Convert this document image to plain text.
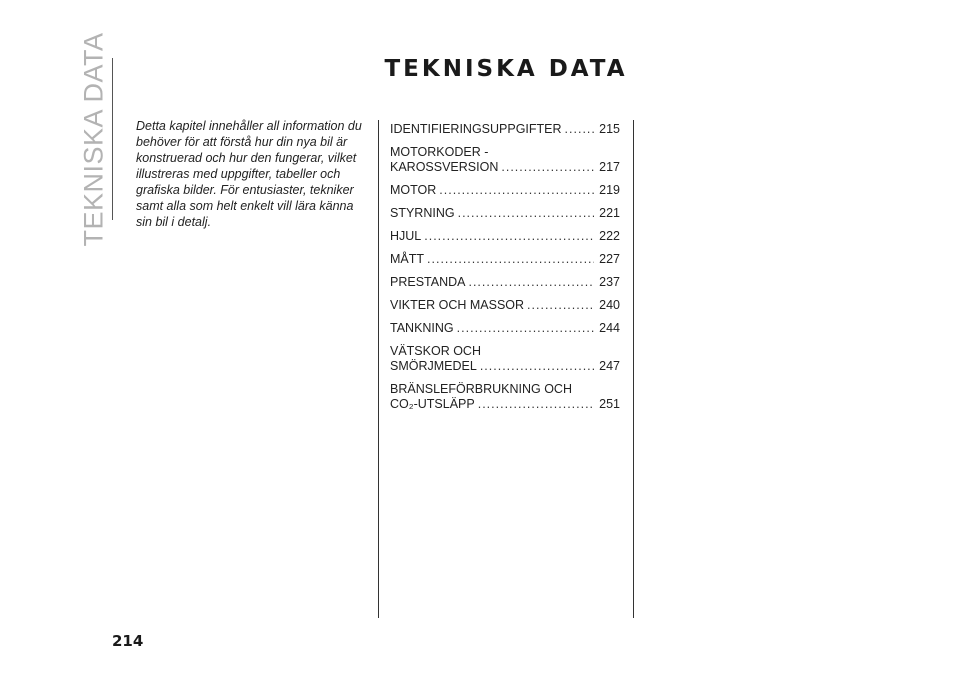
TEKNISKA DATA	TEKNISKA DATA

Detta kapitel innehåller all information du behöver för att förstå hur din nya bil är konstruerad och hur den fungerar, vilket illustreras med uppgifter, tabeller och grafiska bilder. För entusiaster, tekniker samt alla som helt enkelt vill lära känna sin bil i detalj.

IDENTIFIERINGSUPPGIFTER .....	215
MOTORKODER -
KAROSSVERSION .....	217
MOTOR .....	219
STYRNING .....	221
HJUL .....	222
MÅTT .....	227
PRESTANDA .....	237
VIKTER OCH MASSOR .....	240
TANKNING .....	244
VÄTSKOR OCH
SMÖRJMEDEL .....	247
BRÄNSLEFÖRBRUKNING OCH
CO₂-UTSLÄPP .....	251
214
